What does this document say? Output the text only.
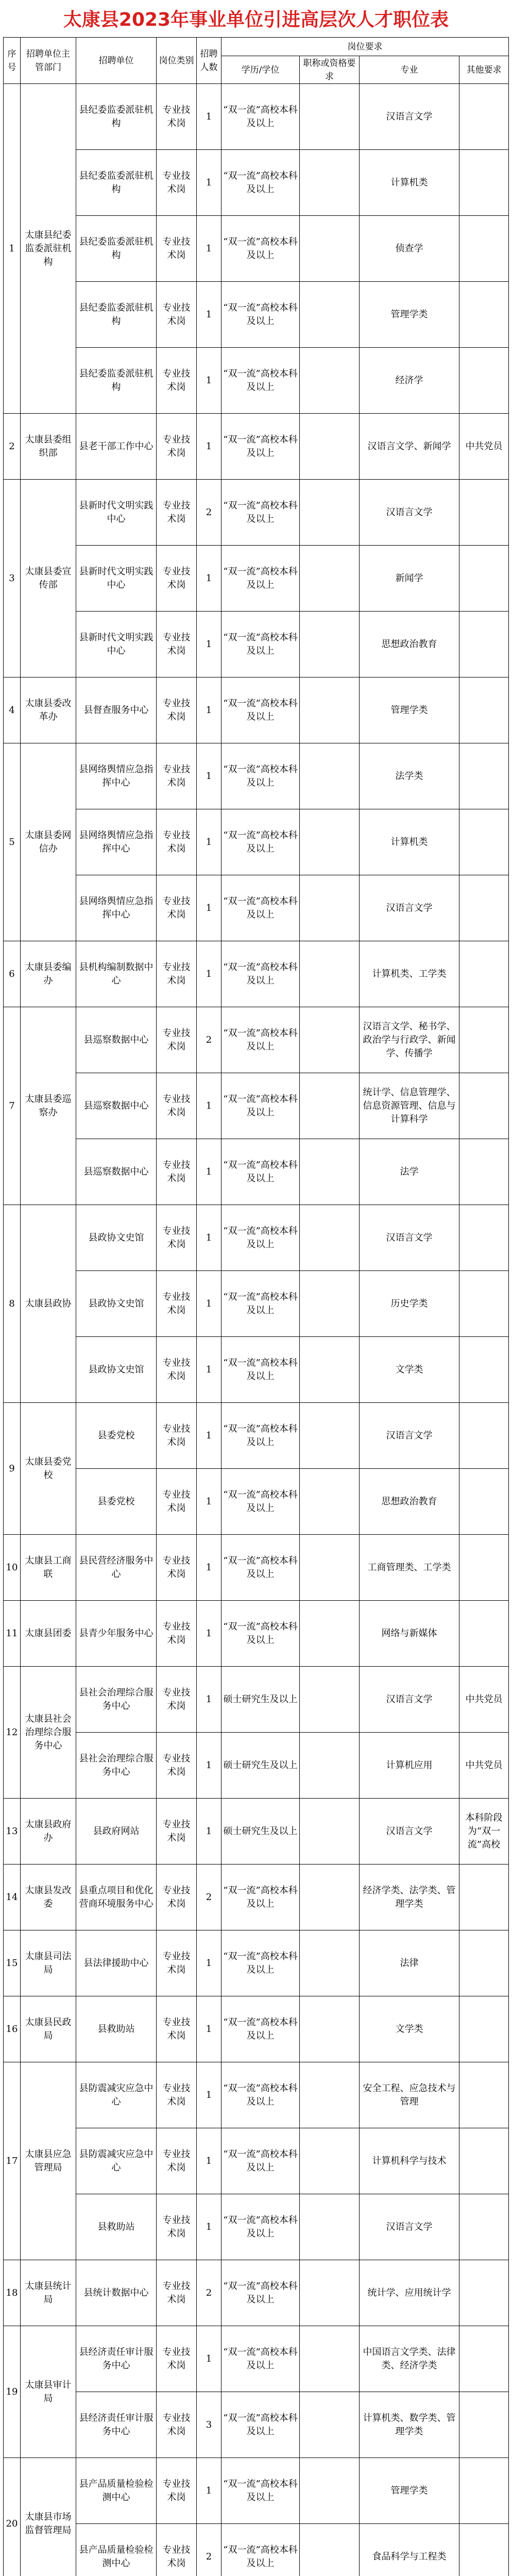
太康县2023年事业单位引进高层次人才职位表
序号	招聘单位主管部门	招聘单位	岗位类别	招聘人数	岗位要求			
					学历/学位	职称或资格要求	专业	其他要求
1	太康县纪委监委派驻机构	县纪委监委派驻机构	专业技术岗	1	“双一流”高校本科及以上		汉语言文学	
		县纪委监委派驻机构	专业技术岗	1	“双一流”高校本科及以上		计算机类	
		县纪委监委派驻机构	专业技术岗	1	“双一流”高校本科及以上		侦查学	
		县纪委监委派驻机构	专业技术岗	1	“双一流”高校本科及以上		管理学类	
		县纪委监委派驻机构	专业技术岗	1	“双一流”高校本科及以上		经济学	
2	太康县委组织部	县老干部工作中心	专业技术岗	1	“双一流”高校本科及以上		汉语言文学、新闻学	中共党员
3	太康县委宣传部	县新时代文明实践中心	专业技术岗	2	“双一流”高校本科及以上		汉语言文学	
		县新时代文明实践中心	专业技术岗	1	“双一流”高校本科及以上		新闻学	
		县新时代文明实践中心	专业技术岗	1	“双一流”高校本科及以上		思想政治教育	
4	太康县委改革办	县督查服务中心	专业技术岗	1	“双一流”高校本科及以上		管理学类	
5	太康县委网信办	县网络舆情应急指挥中心	专业技术岗	1	“双一流”高校本科及以上		法学类	
		县网络舆情应急指挥中心	专业技术岗	1	“双一流”高校本科及以上		计算机类	
		县网络舆情应急指挥中心	专业技术岗	1	“双一流”高校本科及以上		汉语言文学	
6	太康县委编办	县机构编制数据中心	专业技术岗	1	“双一流”高校本科及以上		计算机类、工学类	
7	太康县委巡察办	县巡察数据中心	专业技术岗	2	“双一流”高校本科及以上		汉语言文学、秘书学、政治学与行政学、新闻学、传播学	
		县巡察数据中心	专业技术岗	1	“双一流”高校本科及以上		统计学、信息管理学、信息资源管理、信息与计算科学	
		县巡察数据中心	专业技术岗	1	“双一流”高校本科及以上		法学	
8	太康县政协	县政协文史馆	专业技术岗	1	“双一流”高校本科及以上		汉语言文学	
		县政协文史馆	专业技术岗	1	“双一流”高校本科及以上		历史学类	
		县政协文史馆	专业技术岗	1	“双一流”高校本科及以上		文学类	
9	太康县委党校	县委党校	专业技术岗	1	“双一流”高校本科及以上		汉语言文学	
		县委党校	专业技术岗	1	“双一流”高校本科及以上		思想政治教育	
10	太康县工商联	县民营经济服务中心	专业技术岗	1	“双一流”高校本科及以上		工商管理类、工学类	
11	太康县团委	县青少年服务中心	专业技术岗	1	“双一流”高校本科及以上		网络与新媒体	
12	太康县社会治理综合服务中心	县社会治理综合服务中心	专业技术岗	1	硕士研究生及以上		汉语言文学	中共党员
		县社会治理综合服务中心	专业技术岗	1	硕士研究生及以上		计算机应用	中共党员
13	太康县政府办	县政府网站	专业技术岗	1	硕士研究生及以上		汉语言文学	本科阶段为“双一流”高校
14	太康县发改委	县重点项目和优化营商环境服务中心	专业技术岗	2	“双一流”高校本科及以上		经济学类、法学类、管理学类	
15	太康县司法局	县法律援助中心	专业技术岗	1	“双一流”高校本科及以上		法律	
16	太康县民政局	县救助站	专业技术岗	1	“双一流”高校本科及以上		文学类	
17	太康县应急管理局	县防震减灾应急中心	专业技术岗	1	“双一流”高校本科及以上		安全工程、应急技术与管理	
		县防震减灾应急中心	专业技术岗	1	“双一流”高校本科及以上		计算机科学与技术	
		县救助站	专业技术岗	1	“双一流”高校本科及以上		汉语言文学	
18	太康县统计局	县统计数据中心	专业技术岗	2	“双一流”高校本科及以上		统计学、应用统计学	
19	太康县审计局	县经济责任审计服务中心	专业技术岗	1	“双一流”高校本科及以上		中国语言文学类、法律类、经济学类	
		县经济责任审计服务中心	专业技术岗	3	“双一流”高校本科及以上		计算机类、数学类、管理学类	
20	太康县市场监督管理局	县产品质量检验检测中心	专业技术岗	1	“双一流”高校本科及以上		管理学类	
		县产品质量检验检测中心	专业技术岗	2	“双一流”高校本科及以上		食品科学与工程类	
